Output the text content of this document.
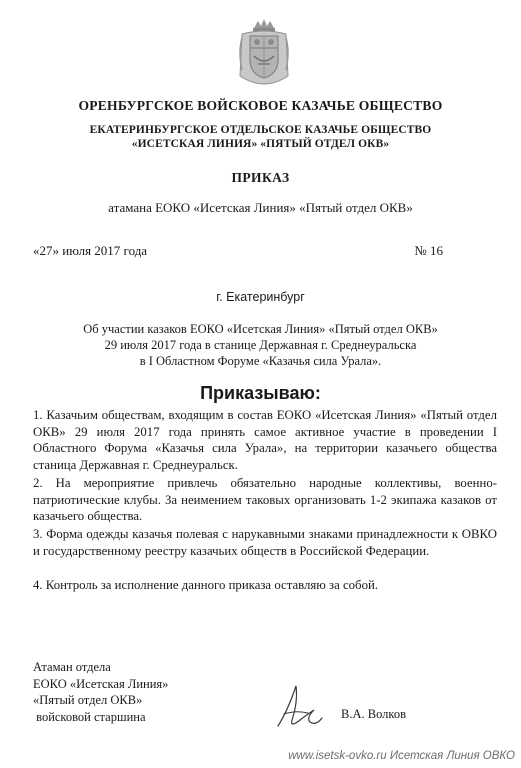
ОРЕНБУРГСКОЕ ВОЙСКОВОЕ КАЗАЧЬЕ ОБЩЕСТВО
ЕКАТЕРИНБУРГСКОЕ ОТДЕЛЬСКОЕ КАЗАЧЬЕ ОБЩЕСТВО
«ИСЕТСКАЯ ЛИНИЯ» «ПЯТЫЙ ОТДЕЛ ОКВ»
ПРИКАЗ
атамана ЕОКО «Исетская Линия» «Пятый отдел ОКВ»
«27» июля 2017 года	№ 16
г. Екатеринбург
Об участии казаков ЕОКО «Исетская Линия» «Пятый отдел ОКВ»
29 июля 2017 года в станице Державная г. Среднеуральска
в I Областном Форуме «Казачья сила Урала».
Приказываю:

1. Казачьим обществам, входящим в состав ЕОКО «Исетская Линия» «Пятый отдел ОКВ» 29 июля 2017 года принять самое активное участие в проведении I Областного Форума «Казачья сила Урала», на территории казачьего общества станица Державная г. Среднеуральск.

2. На мероприятие привлечь обязательно народные коллективы, военно-патриотические клубы. За неимением таковых организовать 1-2 экипажа казаков от казачьего общества.

3. Форма одежды казачья полевая с нарукавными знаками принадлежности к ОВКО и государственному реестру казачьих обществ в Российской Федерации.

4. Контроль за исполнение данного приказа оставляю за собой.

Атаман отдела
ЕОКО «Исетская Линия»
«Пятый отдел ОКВ»
войсковой старшина	В.А. Волков
www.isetsk-ovko.ru Исетская Линия ОВКО
